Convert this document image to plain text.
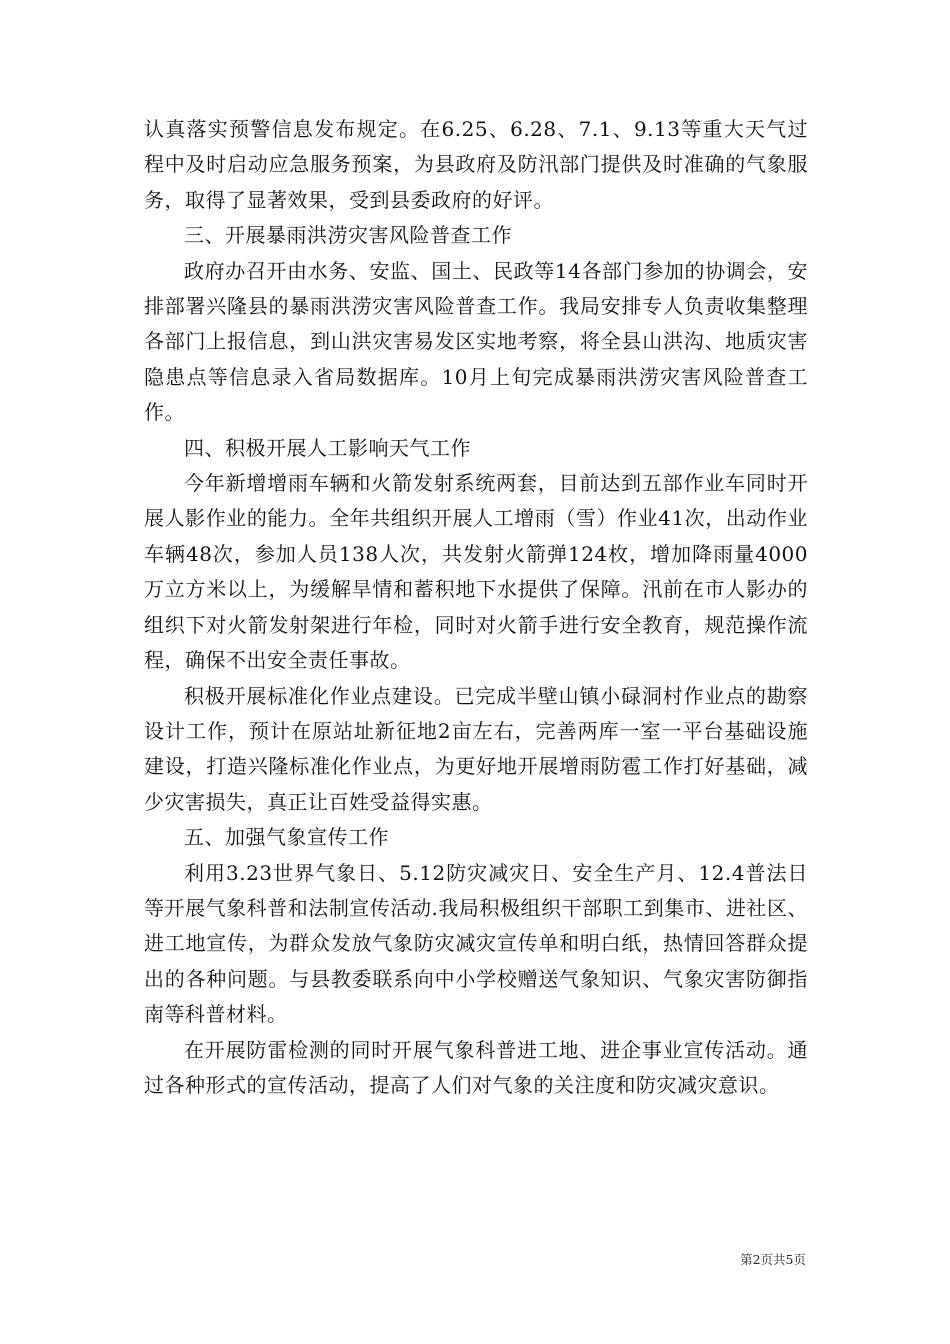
认真落实预警信息发布规定。在6.25、6.28、7.1、9.13等重大天气过程中及时启动应急服务预案，为县政府及防汛部门提供及时准确的气象服务，取得了显著效果，受到县委政府的好评。

三、开展暴雨洪涝灾害风险普查工作

政府办召开由水务、安监、国土、民政等14各部门参加的协调会，安排部署兴隆县的暴雨洪涝灾害风险普查工作。我局安排专人负责收集整理各部门上报信息，到山洪灾害易发区实地考察，将全县山洪沟、地质灾害隐患点等信息录入省局数据库。10月上旬完成暴雨洪涝灾害风险普查工作。

四、积极开展人工影响天气工作

今年新增增雨车辆和火箭发射系统两套，目前达到五部作业车同时开展人影作业的能力。全年共组织开展人工增雨（雪）作业41次，出动作业车辆48次，参加人员138人次，共发射火箭弹124枚，增加降雨量4000万立方米以上，为缓解旱情和蓄积地下水提供了保障。汛前在市人影办的组织下对火箭发射架进行年检，同时对火箭手进行安全教育，规范操作流程，确保不出安全责任事故。

积极开展标准化作业点建设。已完成半壁山镇小碌洞村作业点的勘察设计工作，预计在原站址新征地2亩左右，完善两库一室一平台基础设施建设，打造兴隆标准化作业点，为更好地开展增雨防雹工作打好基础，减少灾害损失，真正让百姓受益得实惠。

五、加强气象宣传工作

利用3.23世界气象日、5.12防灾减灾日、安全生产月、12.4普法日等开展气象科普和法制宣传活动.我局积极组织干部职工到集市、进社区、进工地宣传，为群众发放气象防灾减灾宣传单和明白纸，热情回答群众提出的各种问题。与县教委联系向中小学校赠送气象知识、气象灾害防御指南等科普材料。

在开展防雷检测的同时开展气象科普进工地、进企事业宣传活动。通过各种形式的宣传活动，提高了人们对气象的关注度和防灾减灾意识。

第2页共5页
